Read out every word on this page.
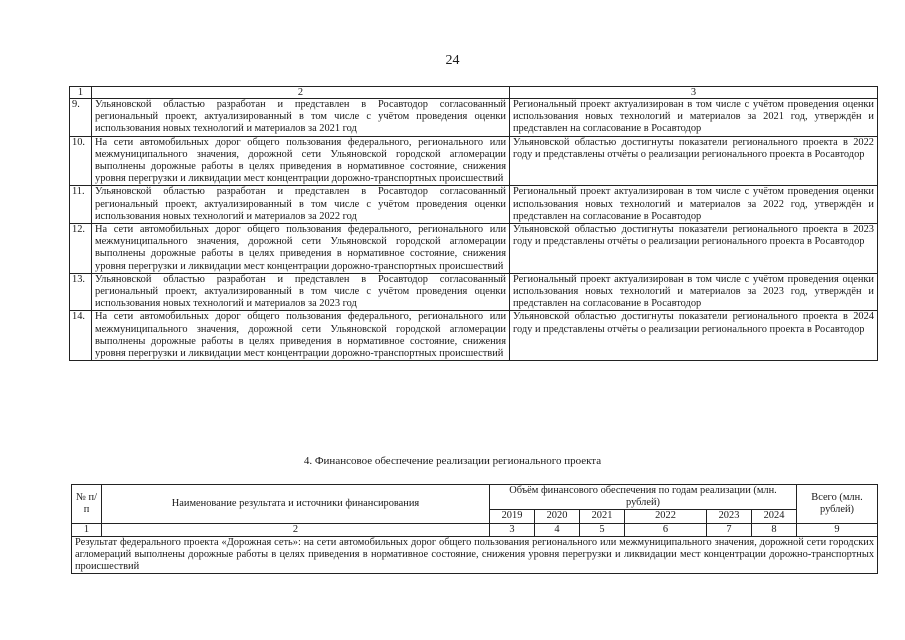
24
1	2	3
9.	Ульяновской областью разработан и представлен в Росавтодор согласованный региональный проект, актуализированный в том числе с учётом проведения оценки использования новых технологий и материалов за 2021 год	Региональный проект актуализирован в том числе с учётом проведения оценки использования новых технологий и материалов за 2021 год, утверждён и представлен на согласование в Росавтодор
10.	На сети автомобильных дорог общего пользования федерального, регионального или межмуниципального значения, дорожной сети Ульяновской городской агломерации выполнены дорожные работы в целях приведения в нормативное состояние, снижения уровня перегрузки и ликвидации мест концентрации дорожно-транспортных происшествий	Ульяновской областью достигнуты показатели регионального проекта в 2022 году и представлены отчёты о реализации регионального проекта в Росавтодор
11.	Ульяновской областью разработан и представлен в Росавтодор согласованный региональный проект, актуализированный в том числе с учётом проведения оценки использования новых технологий и материалов за 2022 год	Региональный проект актуализирован в том числе с учётом проведения оценки использования новых технологий и материалов за 2022 год, утверждён и представлен на согласование в Росавтодор
12.	На сети автомобильных дорог общего пользования федерального, регионального или межмуниципального значения, дорожной сети Ульяновской городской агломерации выполнены дорожные работы в целях приведения в нормативное состояние, снижения уровня перегрузки и ликвидации мест концентрации дорожно-транспортных происшествий	Ульяновской областью достигнуты показатели регионального проекта в 2023 году и представлены отчёты о реализации регионального проекта в Росавтодор
13.	Ульяновской областью разработан и представлен в Росавтодор согласованный региональный проект, актуализированный в том числе с учётом проведения оценки использования новых технологий и материалов за 2023 год	Региональный проект актуализирован в том числе с учётом проведения оценки использования новых технологий и материалов за 2023 год, утверждён и представлен на согласование в Росавтодор
14.	На сети автомобильных дорог общего пользования федерального, регионального или межмуниципального значения, дорожной сети Ульяновской городской агломерации выполнены дорожные работы в целях приведения в нормативное состояние, снижения уровня перегрузки и ликвидации мест концентрации дорожно-транспортных происшествий	Ульяновской областью достигнуты показатели регионального проекта в 2024 году и представлены отчёты о реализации регионального проекта в Росавтодор
4. Финансовое обеспечение реализации регионального проекта
№ п/п	Наименование результата и источники финансирования	Объём финансового обеспечения по годам реализации (млн. рублей)						Всего (млн. рублей)
		2019	2020	2021	2022	2023	2024	
1	2	3	4	5	6	7	8	9
Результат федерального проекта «Дорожная сеть»: на сети автомобильных дорог общего пользования регионального или межмуниципального значения, дорожной сети городских агломераций выполнены дорожные работы в целях приведения в нормативное состояние, снижения уровня перегрузки и ликвидации мест концентрации дорожно-транспортных происшествий								
